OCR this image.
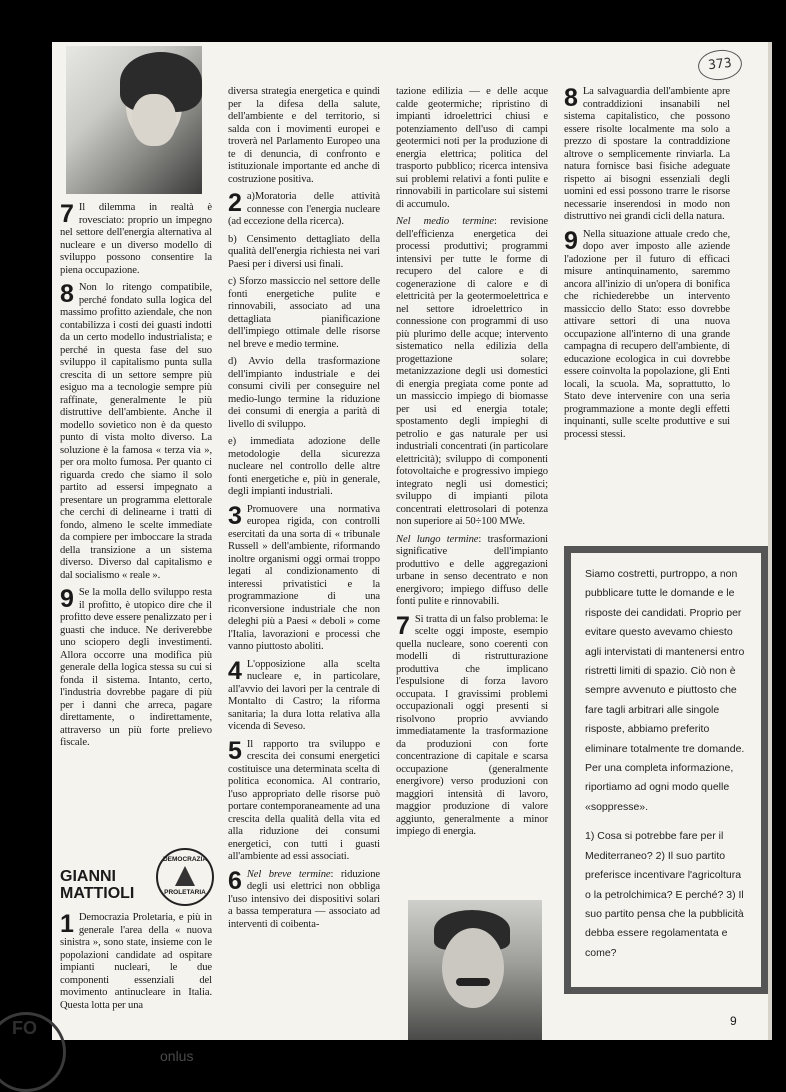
373

7 Il dilemma in realtà è rovesciato: proprio un impegno nel settore dell'energia alternativa al nucleare e un diverso modello di sviluppo possono consentire la piena occupazione.

8 Non lo ritengo compatibile, perché fondato sulla logica del massimo profitto aziendale, che non contabilizza i costi dei guasti indotti da un certo modello industrialista; e perché in questa fase del suo sviluppo il capitalismo punta sulla crescita di un settore sempre più esiguo ma a tecnologie sempre più raffinate, generalmente le più distruttive dell'ambiente. Anche il modello sovietico non è da questo punto di vista molto diverso. La soluzione è la famosa « terza via », per ora molto fumosa. Per quanto ci riguarda credo che siamo il solo partito ad essersi impegnato a presentare un programma elettorale che cerchi di delinearne i tratti di fondo, almeno le scelte immediate da compiere per imboccare la strada della transizione a un sistema diverso. Diverso dal capitalismo e dal socialismo « reale ».

9 Se la molla dello sviluppo resta il profitto, è utopico dire che il profitto deve essere penalizzato per i guasti che induce. Ne deriverebbe uno sciopero degli investimenti. Allora occorre una modifica più generale della logica stessa su cui si fonda il sistema. Intanto, certo, l'industria dovrebbe pagare di più per i danni che arreca, pagare direttamente, o indirettamente, attraverso un più forte prelievo fiscale.

GIANNI
MATTIOLI
DEMOCRAZIA
PROLETARIA

1 Democrazia Proletaria, e più in generale l'area della « nuova sinistra », sono state, insieme con le popolazioni candidate ad ospitare impianti nucleari, le due componenti essenziali del movimento antinucleare in Italia. Questa lotta per una

diversa strategia energetica e quindi per la difesa della salute, dell'ambiente e del territorio, si salda con i movimenti europei e troverà nel Parlamento Europeo una te di denuncia, di confronto e istituzionale importante ed anche di costruzione positiva.

2 a)Moratoria delle attività connesse con l'energia nucleare (ad eccezione della ricerca).

b) Censimento dettagliato della qualità dell'energia richiesta nei vari Paesi per i diversi usi finali.

c) Sforzo massiccio nel settore delle fonti energetiche pulite e rinnovabili, associato ad una dettagliata pianificazione dell'impiego ottimale delle risorse nel breve e medio termine.

d) Avvio della trasformazione dell'impianto industriale e dei consumi civili per conseguire nel medio-lungo termine la riduzione dei consumi di energia a parità di livello di sviluppo.

e) immediata adozione delle metodologie della sicurezza nucleare nel controllo delle altre fonti energetiche e, più in generale, degli impianti industriali.

3 Promuovere una normativa europea rigida, con controlli esercitati da una sorta di « tribunale Russell » dell'ambiente, riformando inoltre organismi oggi ormai troppo legati al condizionamento di interessi privatistici e la programmazione di una riconversione industriale che non deleghi più a Paesi « deboli » come l'Italia, lavorazioni e processi che vanno piuttosto aboliti.

4 L'opposizione alla scelta nucleare e, in particolare, all'avvio dei lavori per la centrale di Montalto di Castro; la riforma sanitaria; la dura lotta relativa alla vicenda di Seveso.

5 Il rapporto tra sviluppo e crescita dei consumi energetici costituisce una determinata scelta di politica economica. Al contrario, l'uso appropriato delle risorse può portare contemporaneamente ad una crescita della qualità della vita ed alla riduzione dei consumi energetici, con tutti i guasti all'ambiente ad essi associati.

6 Nel breve termine: riduzione degli usi elettrici non obbliga l'uso intensivo dei dispositivi solari a bassa temperatura — associato ad interventi di coibenta-

tazione edilizia — e delle acque calde geotermiche; ripristino di impianti idroelettrici chiusi e potenziamento dell'uso di campi geotermici noti per la produzione di energia elettrica; politica del trasporto pubblico; ricerca intensiva sui problemi relativi a fonti pulite e rinnovabili in particolare sui sistemi di accumulo.

Nel medio termine: revisione dell'efficienza energetica dei processi produttivi; programmi intensivi per tutte le forme di recupero del calore e di cogenerazione di calore e di elettricità per la geotermoelettrica e nel settore idroelettrico in connessione con programmi di uso più plurimo delle acque; intervento sistematico nella edilizia della progettazione solare; metanizzazione degli usi domestici di energia pregiata come ponte ad un massiccio impiego di biomasse per usi ed energia totale; spostamento degli impieghi di petrolio e gas naturale per usi industriali concentrati (in particolare elettricità); sviluppo di componenti fotovoltaiche e progressivo impiego integrato negli usi domestici; sviluppo di impianti pilota concentrati elettrosolari di potenza non superiore ai 50÷100 MWe.

Nel lungo termine: trasformazioni significative dell'impianto produttivo e delle aggregazioni urbane in senso decentrato e non energivoro; impiego diffuso delle fonti pulite e rinnovabili.

7 Si tratta di un falso problema: le scelte oggi imposte, esempio quella nucleare, sono coerenti con modelli di ristrutturazione produttiva che implicano l'espulsione di forza lavoro occupata. I gravissimi problemi occupazionali oggi presenti si risolvono proprio avviando immediatamente la trasformazione da produzioni con forte concentrazione di capitale e scarsa occupazione (generalmente energivore) verso produzioni con maggiori intensità di lavoro, maggior produzione di valore aggiunto, generalmente a minor impiego di energia.

8 La salvaguardia dell'ambiente apre contraddizioni insanabili nel sistema capitalistico, che possono essere risolte localmente ma solo a prezzo di spostare la contraddizione altrove o semplicemente rinviarla. La natura fornisce basi fisiche adeguate rispetto ai bisogni essenziali degli uomini ed essi possono trarre le risorse necessarie inserendosi in modo non distruttivo nei grandi cicli della natura.

9 Nella situazione attuale credo che, dopo aver imposto alle aziende l'adozione per il futuro di efficaci misure antinquinamento, saremmo ancora all'inizio di un'opera di bonifica che richiederebbe un intervento massiccio dello Stato: esso dovrebbe attivare settori di una nuova occupazione all'interno di una grande campagna di recupero dell'ambiente, di educazione ecologica in cui dovrebbe essere coinvolta la popolazione, gli Enti locali, la scuola. Ma, soprattutto, lo Stato deve intervenire con una seria programmazione a monte degli effetti inquinanti, sulle scelte produttive e sui processi stessi.

Siamo costretti, purtroppo, a non pubblicare tutte le domande e le risposte dei candidati. Proprio per evitare questo avevamo chiesto agli intervistati di mantenersi entro ristretti limiti di spazio. Ciò non è sempre avvenuto e piuttosto che fare tagli arbitrari alle singole risposte, abbiamo preferito eliminare totalmente tre domande. Per una completa informazione, riportiamo ad ogni modo quelle «soppresse».

1) Cosa si potrebbe fare per il Mediterraneo? 2) Il suo partito preferisce incentivare l'agricoltura o la petrolchimica? E perché? 3) Il suo partito pensa che la pubblicità debba essere regolamentata e come?

9
FO
onlus
